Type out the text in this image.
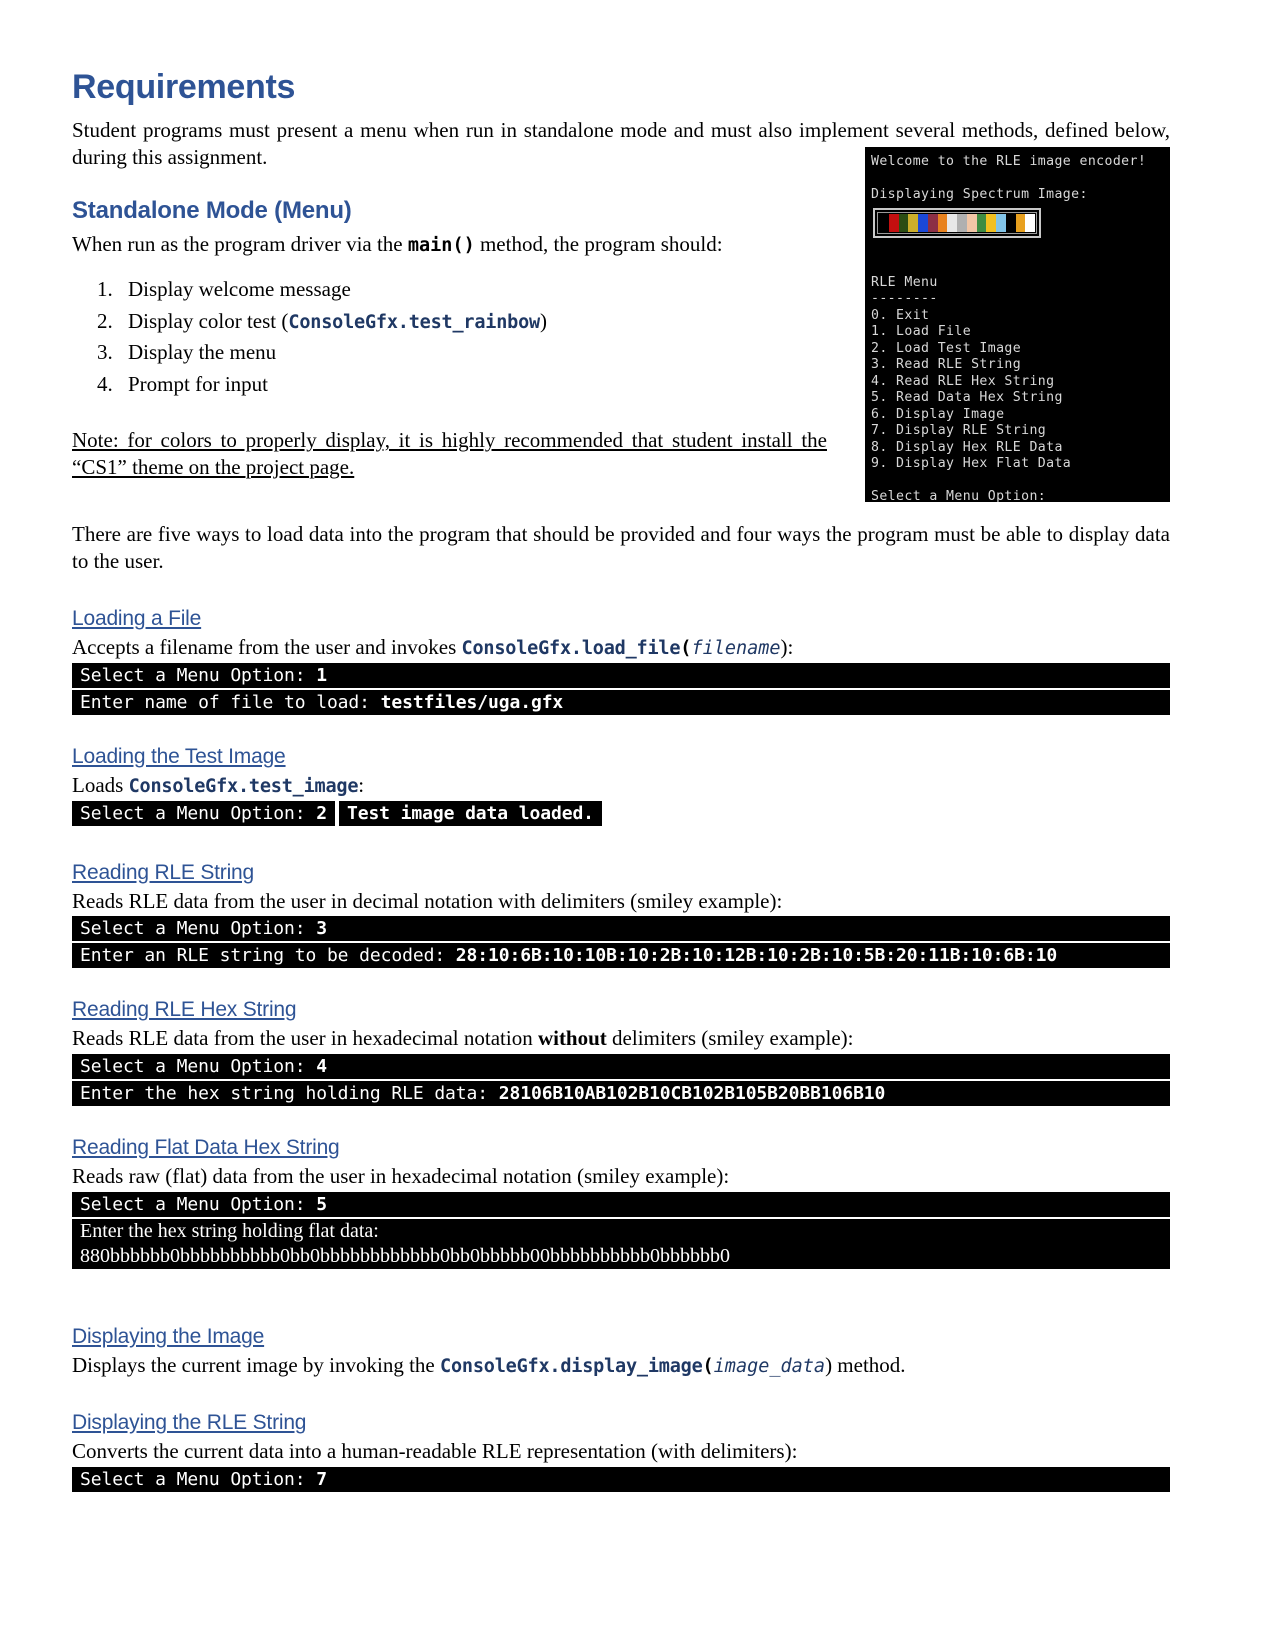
Requirements

Student programs must present a menu when run in standalone mode and must also implement several methods, defined below, during this assignment.

Standalone Mode (Menu)

When run as the program driver via the main() method, the program should:

1. Display welcome message
2. Display color test (ConsoleGfx.test_rainbow)
3. Display the menu
4. Prompt for input

Note: for colors to properly display, it is highly recommended that student install the “CS1” theme on the project page.

Welcome to the RLE image encoder!

Displaying Spectrum Image:

RLE Menu
--------
0. Exit
1. Load File
2. Load Test Image
3. Read RLE String
4. Read RLE Hex String
5. Read Data Hex String
6. Display Image
7. Display RLE String
8. Display Hex RLE Data
9. Display Hex Flat Data

Select a Menu Option:

There are five ways to load data into the program that should be provided and four ways the program must be able to display data to the user.

Loading a File

Accepts a filename from the user and invokes ConsoleGfx.load_file(filename):

Select a Menu Option: 1
Enter name of file to load: testfiles/uga.gfx
Loading the Test Image

Loads ConsoleGfx.test_image:

Select a Menu Option: 2 Test image data loaded.
Reading RLE String

Reads RLE data from the user in decimal notation with delimiters (smiley example):

Select a Menu Option: 3
Enter an RLE string to be decoded: 28:10:6B:10:10B:10:2B:10:12B:10:2B:10:5B:20:11B:10:6B:10
Reading RLE Hex String

Reads RLE data from the user in hexadecimal notation without delimiters (smiley example):

Select a Menu Option: 4
Enter the hex string holding RLE data: 28106B10AB102B10CB102B105B20BB106B10
Reading Flat Data Hex String

Reads raw (flat) data from the user in hexadecimal notation (smiley example):

Select a Menu Option: 5
Enter the hex string holding flat data:
880bbbbbb0bbbbbbbbbb0bb0bbbbbbbbbbbb0bb0bbbbb00bbbbbbbbbb0bbbbbb0
Displaying the Image

Displays the current image by invoking the ConsoleGfx.display_image(image_data) method.

Displaying the RLE String

Converts the current data into a human-readable RLE representation (with delimiters):

Select a Menu Option: 7
